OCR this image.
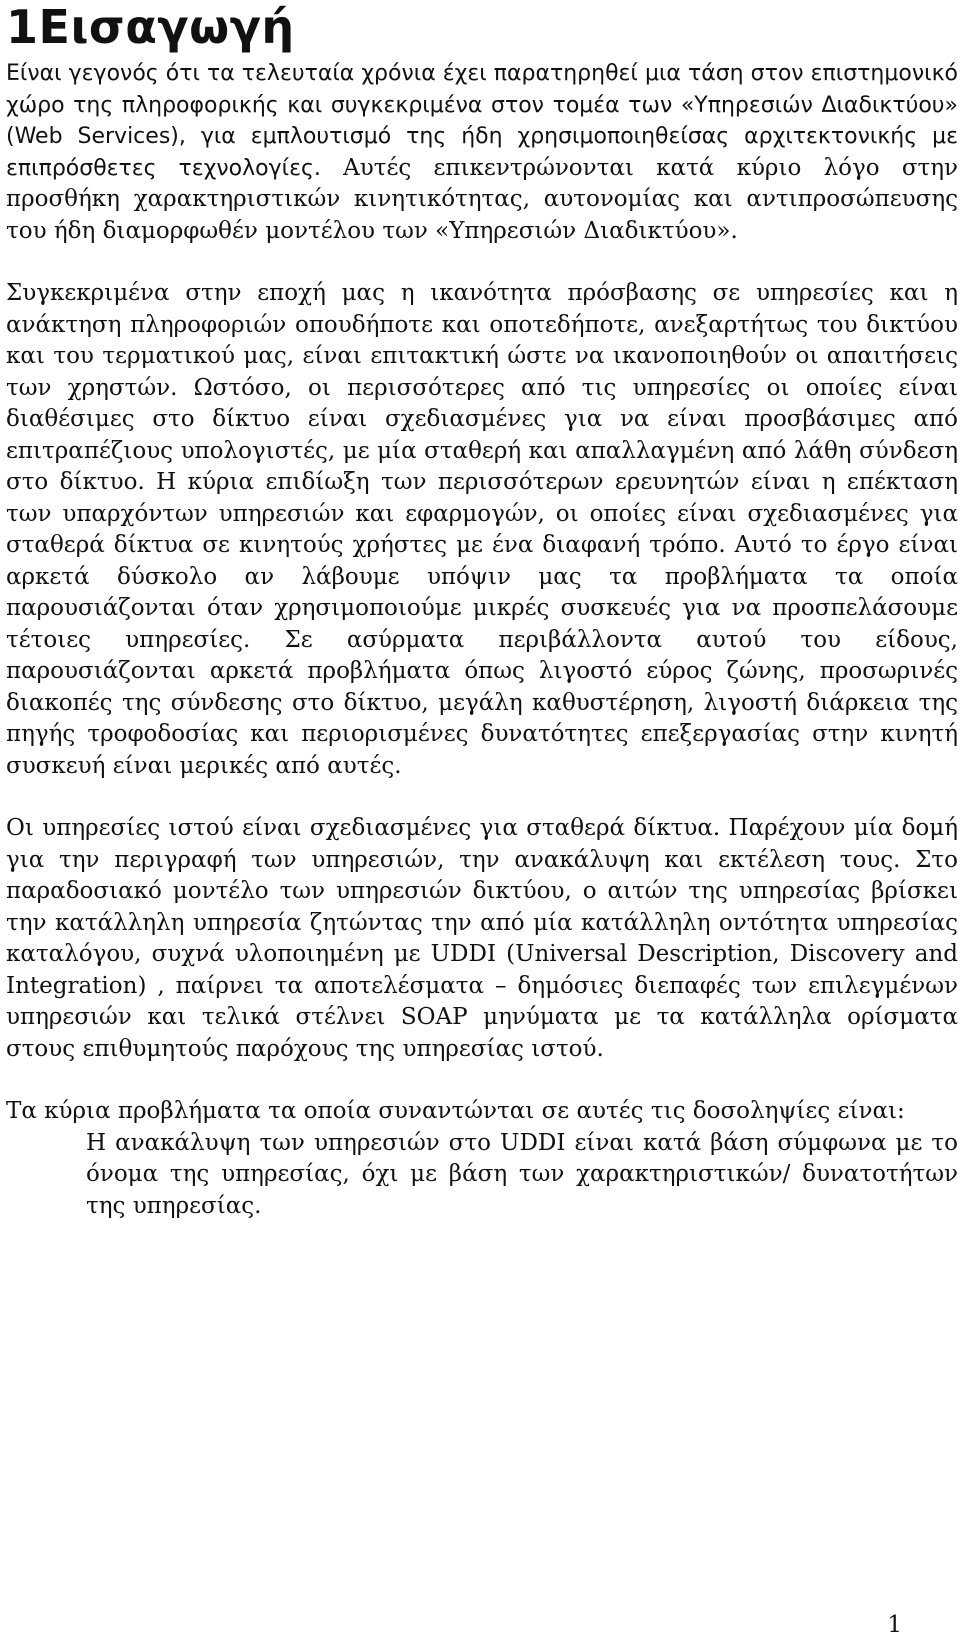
1Εισαγωγή

Είναι γεγονός ότι τα τελευταία χρόνια έχει παρατηρηθεί μια τάση στον επιστημονικό χώρο της πληροφορικής και συγκεκριμένα στον τομέα των «Υπηρεσιών Διαδικτύου» (Web Services), για εμπλουτισμό της ήδη χρησιμοποιηθείσας αρχιτεκτονικής με επιπρόσθετες τεχνολογίες. Αυτές επικεντρώνονται κατά κύριο λόγο στην προσθήκη χαρακτηριστικών κινητικότητας, αυτονομίας και αντιπροσώπευσης του ήδη διαμορφωθέν μοντέλου των «Υπηρεσιών Διαδικτύου».

Συγκεκριμένα στην εποχή μας η ικανότητα πρόσβασης σε υπηρεσίες και η ανάκτηση πληροφοριών οπουδήποτε και οποτεδήποτε, ανεξαρτήτως του δικτύου και του τερματικού μας, είναι επιτακτική ώστε να ικανοποιηθούν οι απαιτήσεις των χρηστών. Ωστόσο, οι περισσότερες από τις υπηρεσίες οι οποίες είναι διαθέσιμες στο δίκτυο είναι σχεδιασμένες για να είναι προσβάσιμες από επιτραπέζιους υπολογιστές, με μία σταθερή και απαλλαγμένη από λάθη σύνδεση στο δίκτυο. Η κύρια επιδίωξη των περισσότερων ερευνητών είναι η επέκταση των υπαρχόντων υπηρεσιών και εφαρμογών, οι οποίες είναι σχεδιασμένες για σταθερά δίκτυα σε κινητούς χρήστες με ένα διαφανή τρόπο. Αυτό το έργο είναι αρκετά δύσκολο αν λάβουμε υπόψιν μας τα προβλήματα τα οποία παρουσιάζονται όταν χρησιμοποιούμε μικρές συσκευές για να προσπελάσουμε τέτοιες υπηρεσίες. Σε ασύρματα περιβάλλοντα αυτού του είδους, παρουσιάζονται αρκετά προβλήματα όπως λιγοστό εύρος ζώνης, προσωρινές διακοπές της σύνδεσης στο δίκτυο, μεγάλη καθυστέρηση, λιγοστή διάρκεια της πηγής τροφοδοσίας και περιορισμένες δυνατότητες επεξεργασίας στην κινητή συσκευή είναι μερικές από αυτές.

Οι υπηρεσίες ιστού είναι σχεδιασμένες για σταθερά δίκτυα. Παρέχουν μία δομή για την περιγραφή των υπηρεσιών, την ανακάλυψη και εκτέλεση τους. Στο παραδοσιακό μοντέλο των υπηρεσιών δικτύου, ο αιτών της υπηρεσίας βρίσκει την κατάλληλη υπηρεσία ζητώντας την από μία κατάλληλη οντότητα υπηρεσίας καταλόγου, συχνά υλοποιημένη με UDDI (Universal Description, Discovery and Integration) , παίρνει τα αποτελέσματα – δημόσιες διεπαφές των επιλεγμένων υπηρεσιών και τελικά στέλνει SOAP μηνύματα με τα κατάλληλα ορίσματα στους επιθυμητούς παρόχους της υπηρεσίας ιστού.

Τα κύρια προβλήματα τα οποία συναντώνται σε αυτές τις δοσοληψίες είναι:

Η ανακάλυψη των υπηρεσιών στο UDDI είναι κατά βάση σύμφωνα με το όνομα της υπηρεσίας, όχι με βάση των χαρακτηριστικών/ δυνατοτήτων της υπηρεσίας.

1
